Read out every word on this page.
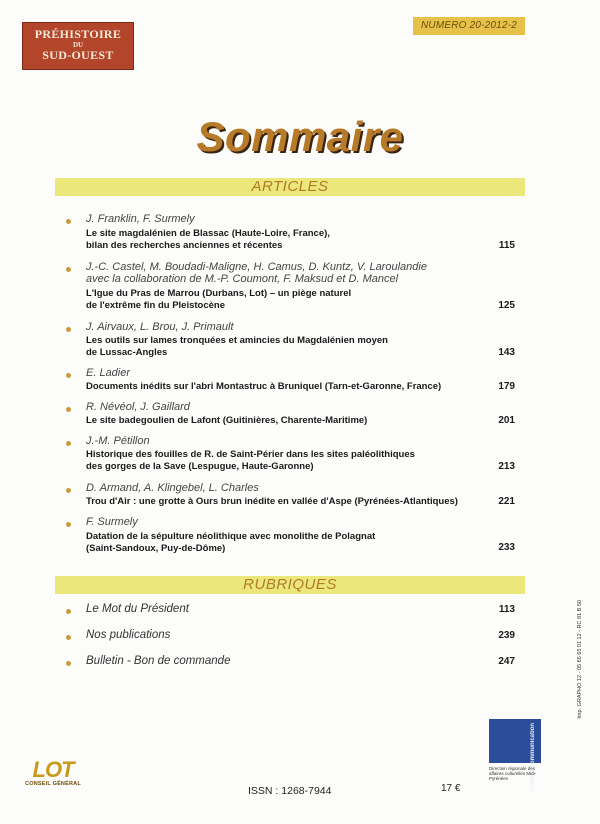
PRÉHISTOIRE
DU
SUD-OUEST
NUMERO 20-2012-2
Sommaire
ARTICLES
J. Franklin, F. Surmely
Le site magdalénien de Blassac (Haute-Loire, France),
bilan des recherches anciennes et récentes	115
J.-C. Castel, M. Boudadi-Maligne, H. Camus, D. Kuntz, V. Laroulandie
avec la collaboration de M.-P. Coumont, F. Maksud et D. Mancel
L'Igue du Pras de Marrou (Durbans, Lot) – un piège naturel
de l'extrême fin du Pleistocène	125
J. Airvaux, L. Brou, J. Primault
Les outils sur lames tronquées et amincies du Magdalénien moyen
de Lussac-Angles	143
E. Ladier
Documents inédits sur l'abri Montastruc à Bruniquel (Tarn-et-Garonne, France)	179
R. Névéol, J. Gaillard
Le site badegoulien de Lafont (Guitinières, Charente-Maritime)	201
J.-M. Pétillon
Historique des fouilles de R. de Saint-Périer dans les sites paléolithiques
des gorges de la Save (Lespugue, Haute-Garonne)	213
D. Armand, A. Klingebel, L. Charles
Trou d'Air : une grotte à Ours brun inédite en vallée d'Aspe (Pyrénées-Atlantiques)	221
F. Surmely
Datation de la sépulture néolithique avec monolithe de Polagnat
(Saint-Sandoux, Puy-de-Dôme)	233
RUBRIQUES
Le Mot du Président	113
Nos publications	239
Bulletin - Bon de commande	247
LOT
CONSEIL GÉNÉRAL
ISSN : 1268-7944	17 €	Culture Communication
Direction régionale des affaires culturelles Midi-Pyrénées
Imp. GRAPHO 12 - 05 65 65 01 12 - RC 81 B 50
